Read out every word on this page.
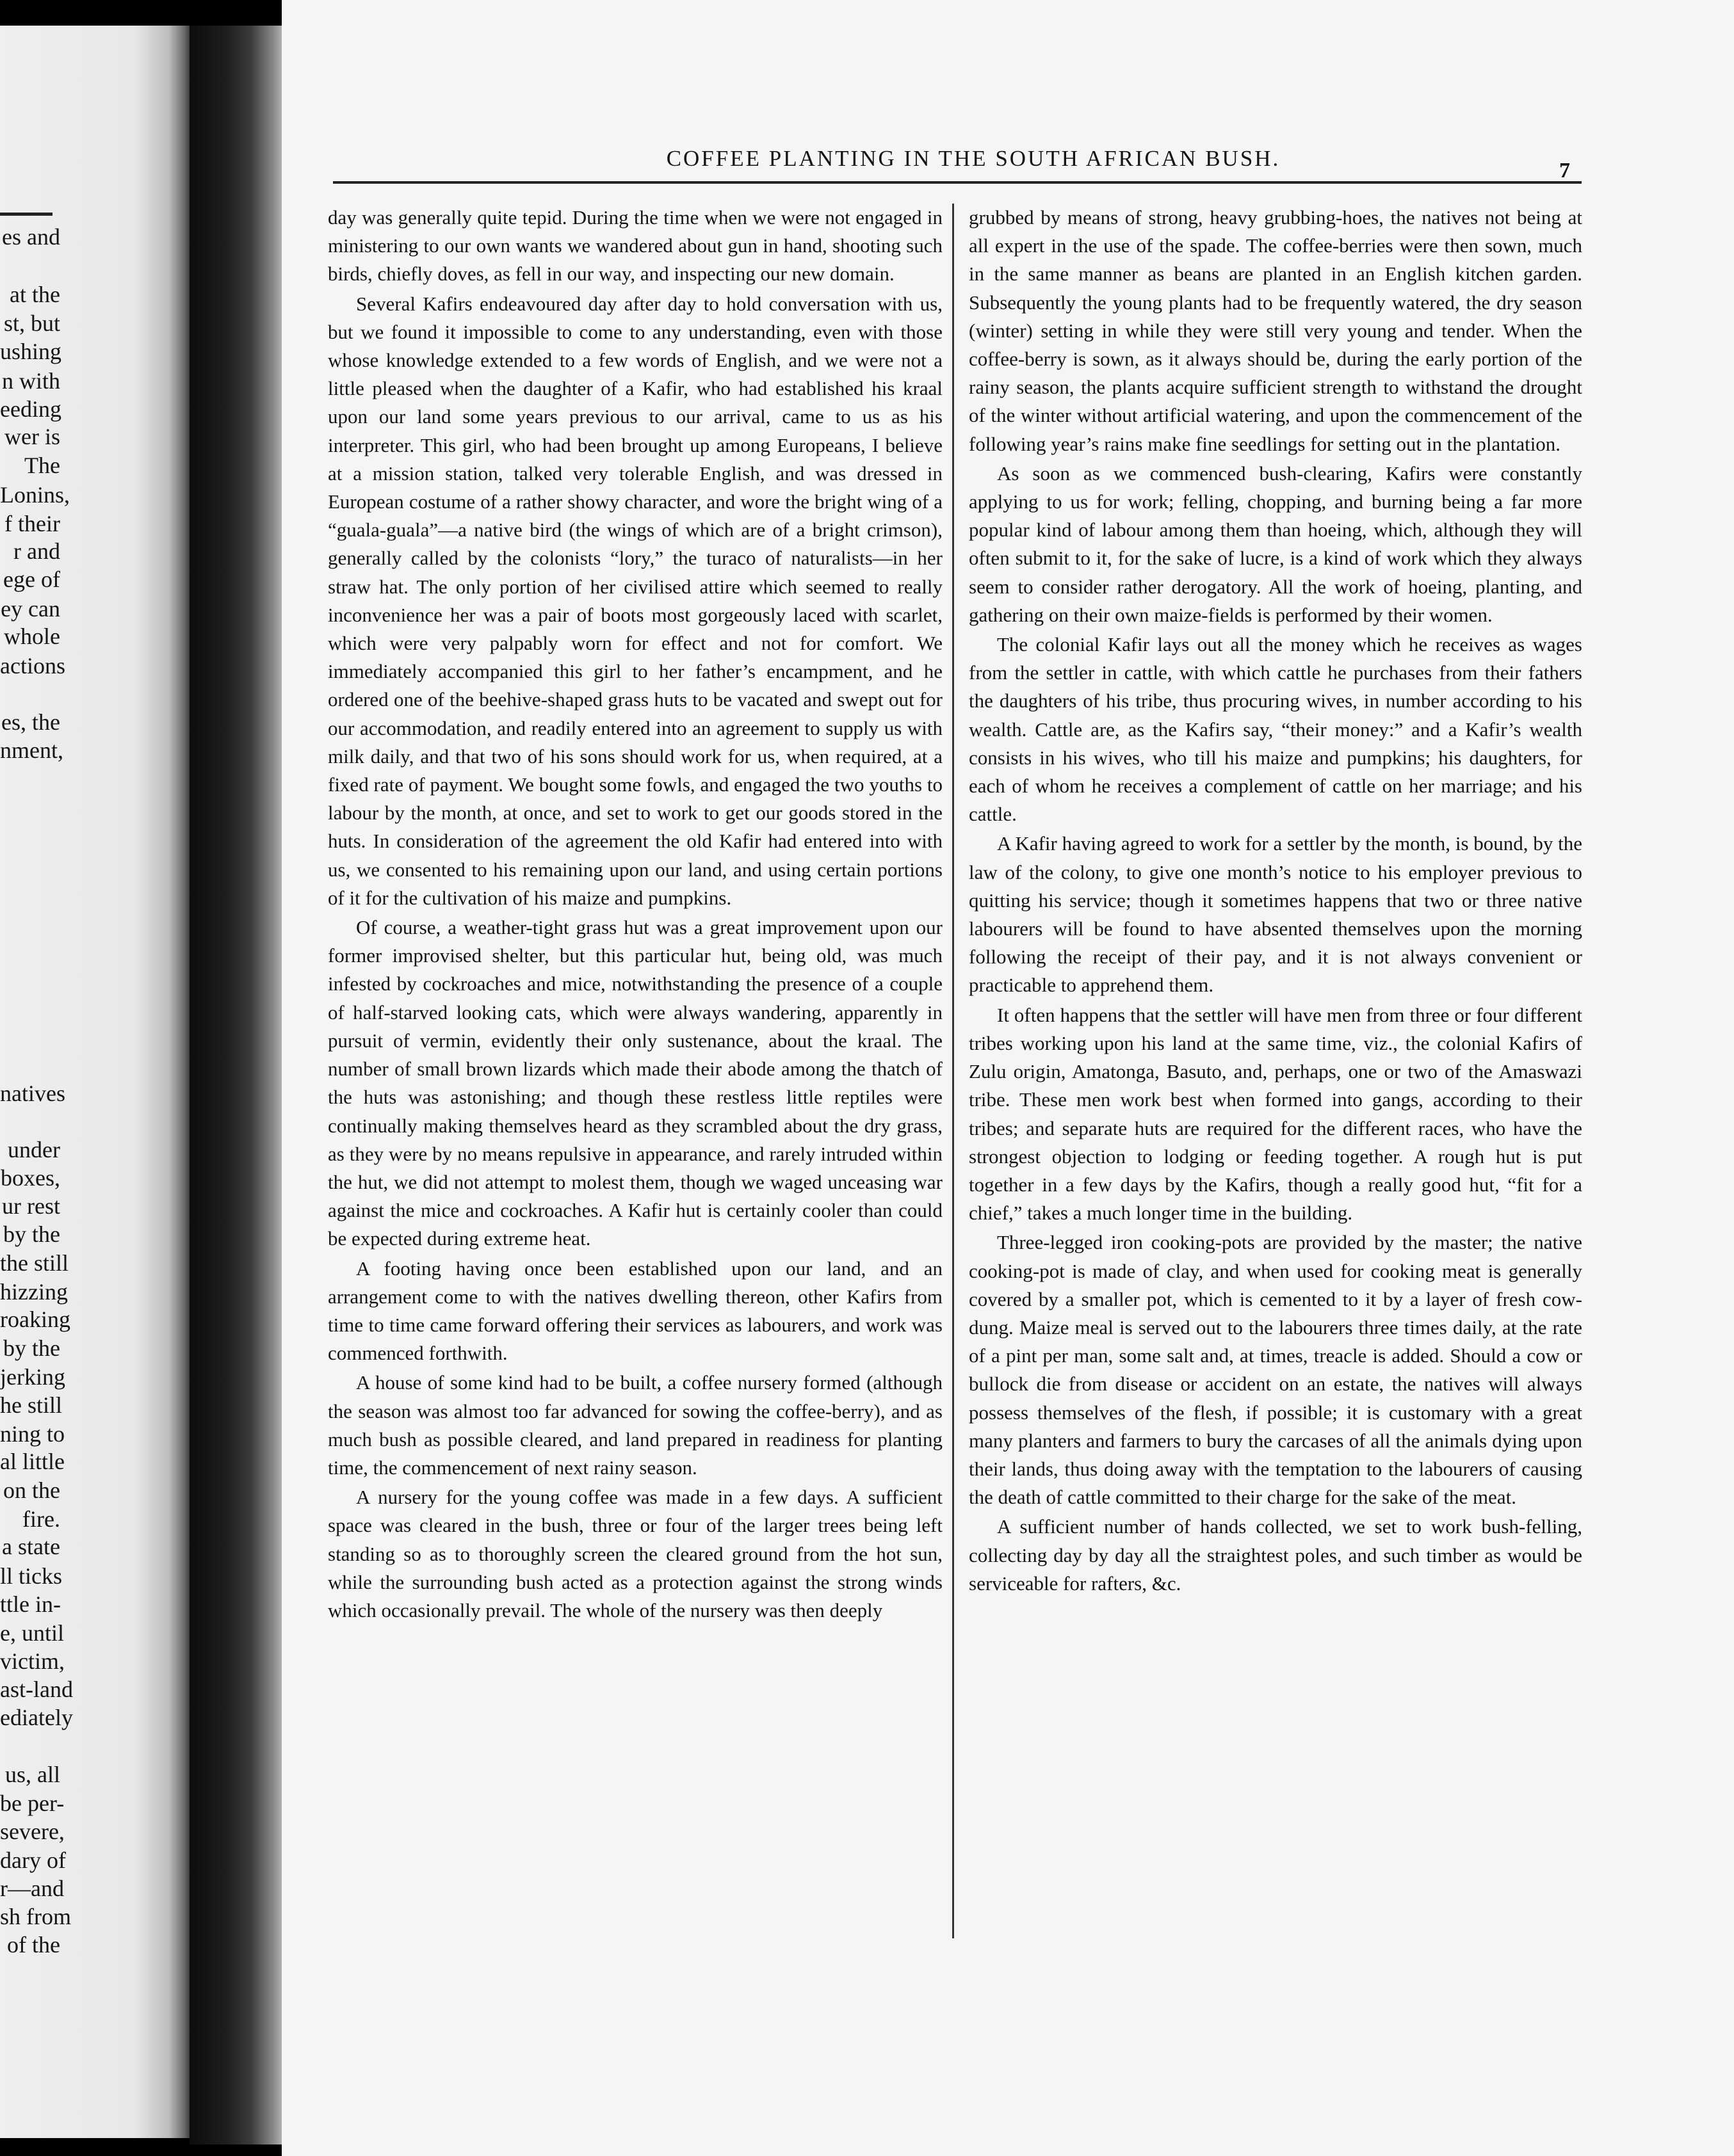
COFFEE PLANTING IN THE SOUTH AFRICAN BUSH.	7

day was generally quite tepid. During the time when we were not engaged in ministering to our own wants we wandered about gun in hand, shooting such birds, chiefly doves, as fell in our way, and inspecting our new domain.

Several Kafirs endeavoured day after day to hold conversation with us, but we found it impossible to come to any understanding, even with those whose knowledge extended to a few words of English, and we were not a little pleased when the daughter of a Kafir, who had established his kraal upon our land some years previous to our arrival, came to us as his interpreter. This girl, who had been brought up among Europeans, I believe at a mission station, talked very tolerable English, and was dressed in European costume of a rather showy character, and wore the bright wing of a “guala-guala”—a native bird (the wings of which are of a bright crimson), generally called by the colonists “lory,” the turaco of naturalists—in her straw hat. The only portion of her civilised attire which seemed to really inconvenience her was a pair of boots most gorgeously laced with scarlet, which were very palpably worn for effect and not for comfort. We immediately accompanied this girl to her father’s encampment, and he ordered one of the beehive-shaped grass huts to be vacated and swept out for our accommodation, and readily entered into an agreement to supply us with milk daily, and that two of his sons should work for us, when required, at a fixed rate of payment. We bought some fowls, and engaged the two youths to labour by the month, at once, and set to work to get our goods stored in the huts. In consideration of the agreement the old Kafir had entered into with us, we consented to his remaining upon our land, and using certain portions of it for the cultivation of his maize and pumpkins.

Of course, a weather-tight grass hut was a great improvement upon our former improvised shelter, but this particular hut, being old, was much infested by cockroaches and mice, notwithstanding the presence of a couple of half-starved looking cats, which were always wandering, apparently in pursuit of vermin, evidently their only sustenance, about the kraal. The number of small brown lizards which made their abode among the thatch of the huts was astonishing; and though these restless little reptiles were continually making themselves heard as they scrambled about the dry grass, as they were by no means repulsive in appearance, and rarely intruded within the hut, we did not attempt to molest them, though we waged unceasing war against the mice and cockroaches. A Kafir hut is certainly cooler than could be expected during extreme heat.

A footing having once been established upon our land, and an arrangement come to with the natives dwelling thereon, other Kafirs from time to time came forward offering their services as labourers, and work was commenced forthwith.

A house of some kind had to be built, a coffee nursery formed (although the season was almost too far advanced for sowing the coffee-berry), and as much bush as possible cleared, and land prepared in readiness for planting time, the commencement of next rainy season.

A nursery for the young coffee was made in a few days. A sufficient space was cleared in the bush, three or four of the larger trees being left standing so as to thoroughly screen the cleared ground from the hot sun, while the surrounding bush acted as a protection against the strong winds which occasionally prevail. The whole of the nursery was then deeply

grubbed by means of strong, heavy grubbing-hoes, the natives not being at all expert in the use of the spade. The coffee-berries were then sown, much in the same manner as beans are planted in an English kitchen garden. Subsequently the young plants had to be frequently watered, the dry season (winter) setting in while they were still very young and tender. When the coffee-berry is sown, as it always should be, during the early portion of the rainy season, the plants acquire sufficient strength to withstand the drought of the winter without artificial watering, and upon the commencement of the following year’s rains make fine seedlings for setting out in the plantation.

As soon as we commenced bush-clearing, Kafirs were constantly applying to us for work; felling, chopping, and burning being a far more popular kind of labour among them than hoeing, which, although they will often submit to it, for the sake of lucre, is a kind of work which they always seem to consider rather derogatory. All the work of hoeing, planting, and gathering on their own maize-fields is performed by their women.

The colonial Kafir lays out all the money which he receives as wages from the settler in cattle, with which cattle he purchases from their fathers the daughters of his tribe, thus procuring wives, in number according to his wealth. Cattle are, as the Kafirs say, “their money:” and a Kafir’s wealth consists in his wives, who till his maize and pumpkins; his daughters, for each of whom he receives a complement of cattle on her marriage; and his cattle.

A Kafir having agreed to work for a settler by the month, is bound, by the law of the colony, to give one month’s notice to his employer previous to quitting his service; though it sometimes happens that two or three native labourers will be found to have absented themselves upon the morning following the receipt of their pay, and it is not always convenient or practicable to apprehend them.

It often happens that the settler will have men from three or four different tribes working upon his land at the same time, viz., the colonial Kafirs of Zulu origin, Amatonga, Basuto, and, perhaps, one or two of the Amaswazi tribe. These men work best when formed into gangs, according to their tribes; and separate huts are required for the different races, who have the strongest objection to lodging or feeding together. A rough hut is put together in a few days by the Kafirs, though a really good hut, “fit for a chief,” takes a much longer time in the building.

Three-legged iron cooking-pots are provided by the master; the native cooking-pot is made of clay, and when used for cooking meat is generally covered by a smaller pot, which is cemented to it by a layer of fresh cow-dung. Maize meal is served out to the labourers three times daily, at the rate of a pint per man, some salt and, at times, treacle is added. Should a cow or bullock die from disease or accident on an estate, the natives will always possess themselves of the flesh, if possible; it is customary with a great many planters and farmers to bury the carcases of all the animals dying upon their lands, thus doing away with the temptation to the labourers of causing the death of cattle committed to their charge for the sake of the meat.

A sufficient number of hands collected, we set to work bush-felling, collecting day by day all the straightest poles, and such timber as would be serviceable for rafters, &c.

es and
at the
st, but
ushing
n with
eeding
wer is
The
Lonins,
f their
r and
ege of
ey can
whole
actions
es, the
nment,
natives
under
boxes,
ur rest
by the
the still
hizzing
roaking
by the
jerking
he still
ning to
al little
on the
fire.
a state
ll ticks
ttle in-
e, until
victim,
ast-land
ediately
us, all
be per-
severe,
dary of
r—and
sh from
of the
